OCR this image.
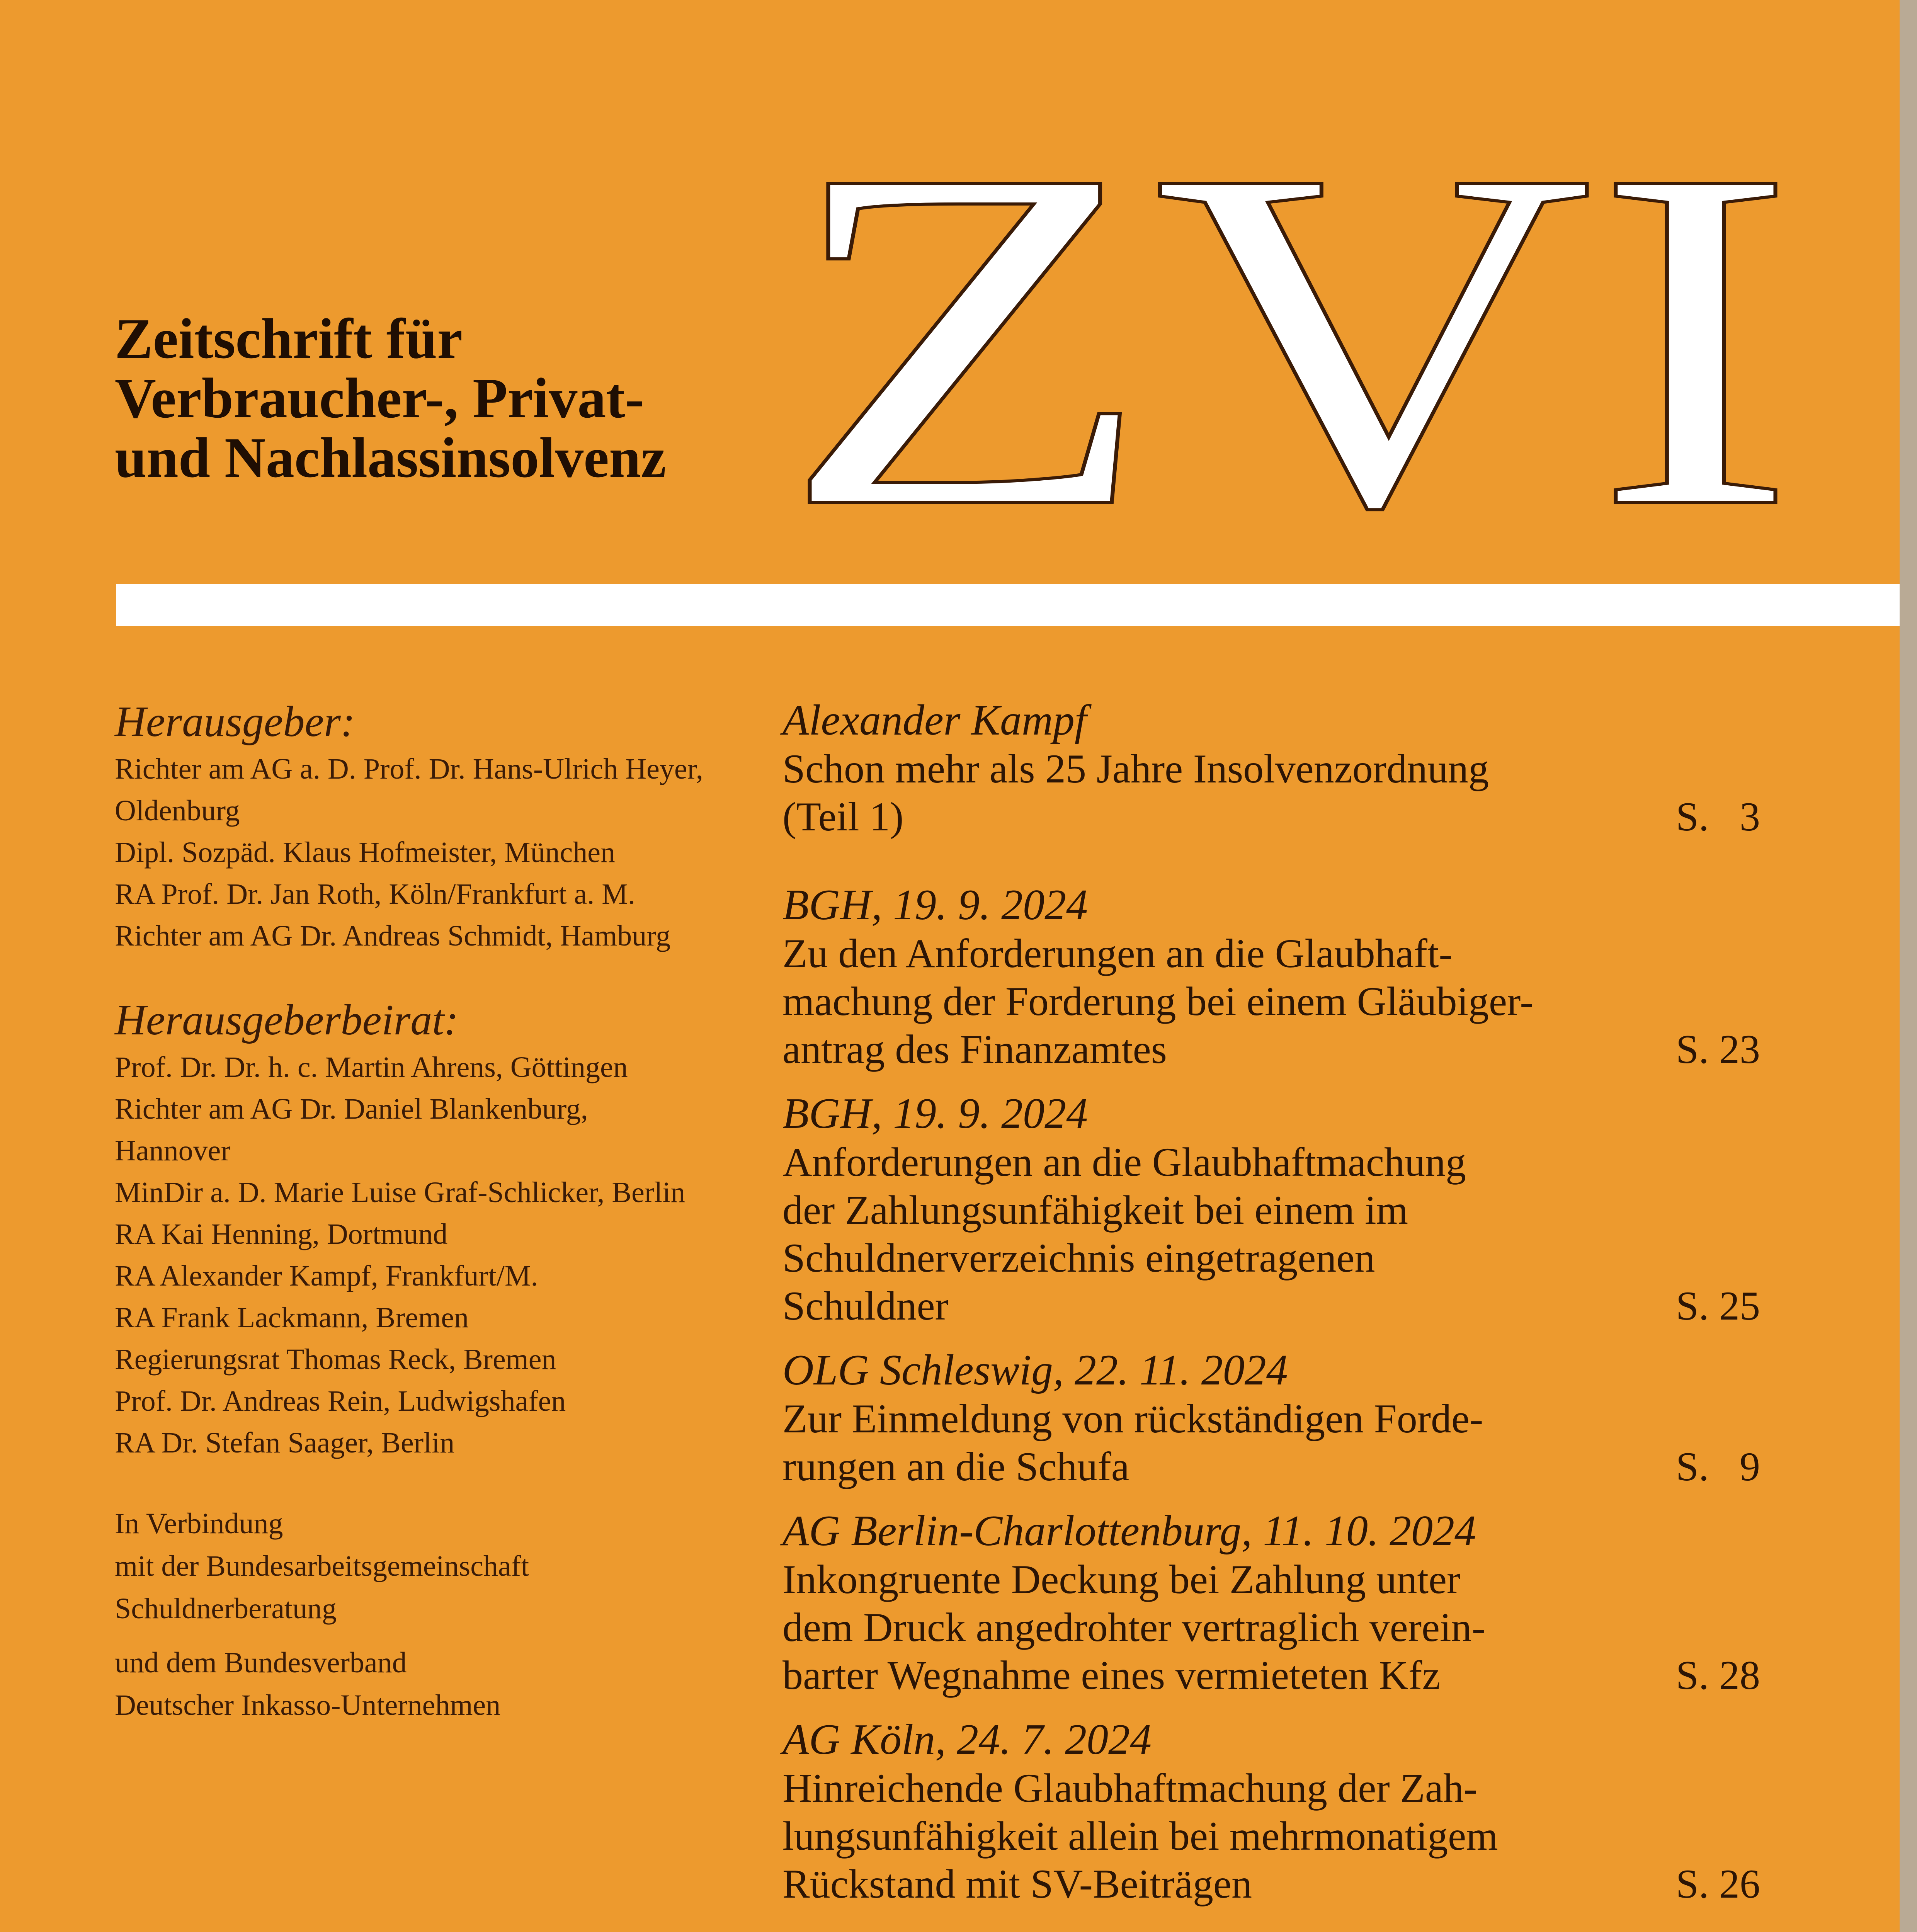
Zeitschrift für
Verbraucher-, Privat-
und Nachlassinsolvenz ZVI
Herausgeber:
Richter am AG a. D. Prof. Dr. Hans-Ulrich Heyer,
Oldenburg
Dipl. Sozpäd. Klaus Hofmeister, München
RA Prof. Dr. Jan Roth, Köln/Frankfurt a. M.
Richter am AG Dr. Andreas Schmidt, Hamburg
Herausgeberbeirat:
Prof. Dr. Dr. h. c. Martin Ahrens, Göttingen
Richter am AG Dr. Daniel Blankenburg,
Hannover
MinDir a. D. Marie Luise Graf-Schlicker, Berlin
RA Kai Henning, Dortmund
RA Alexander Kampf, Frankfurt/M.
RA Frank Lackmann, Bremen
Regierungsrat Thomas Reck, Bremen
Prof. Dr. Andreas Rein, Ludwigshafen
RA Dr. Stefan Saager, Berlin
In Verbindung
mit der Bundesarbeitsgemeinschaft
Schuldnerberatung
und dem Bundesverband
Deutscher Inkasso-Unternehmen
Alexander Kampf
Schon mehr als 25 Jahre Insolvenzordnung
(Teil 1)	S.   3
BGH, 19. 9. 2024
Zu den Anforderungen an die Glaubhaft-
machung der Forderung bei einem Gläubiger-
antrag des Finanzamtes	S. 23
BGH, 19. 9. 2024
Anforderungen an die Glaubhaftmachung
der Zahlungsunfähigkeit bei einem im
Schuldnerverzeichnis eingetragenen
Schuldner	S. 25
OLG Schleswig, 22. 11. 2024
Zur Einmeldung von rückständigen Forde-
rungen an die Schufa	S.   9
AG Berlin-Charlottenburg, 11. 10. 2024
Inkongruente Deckung bei Zahlung unter
dem Druck angedrohter vertraglich verein-
barter Wegnahme eines vermieteten Kfz	S. 28
AG Köln, 24. 7. 2024
Hinreichende Glaubhaftmachung der Zah-
lungsunfähigkeit allein bei mehrmonatigem
Rückstand mit SV-Beiträgen	S. 26
